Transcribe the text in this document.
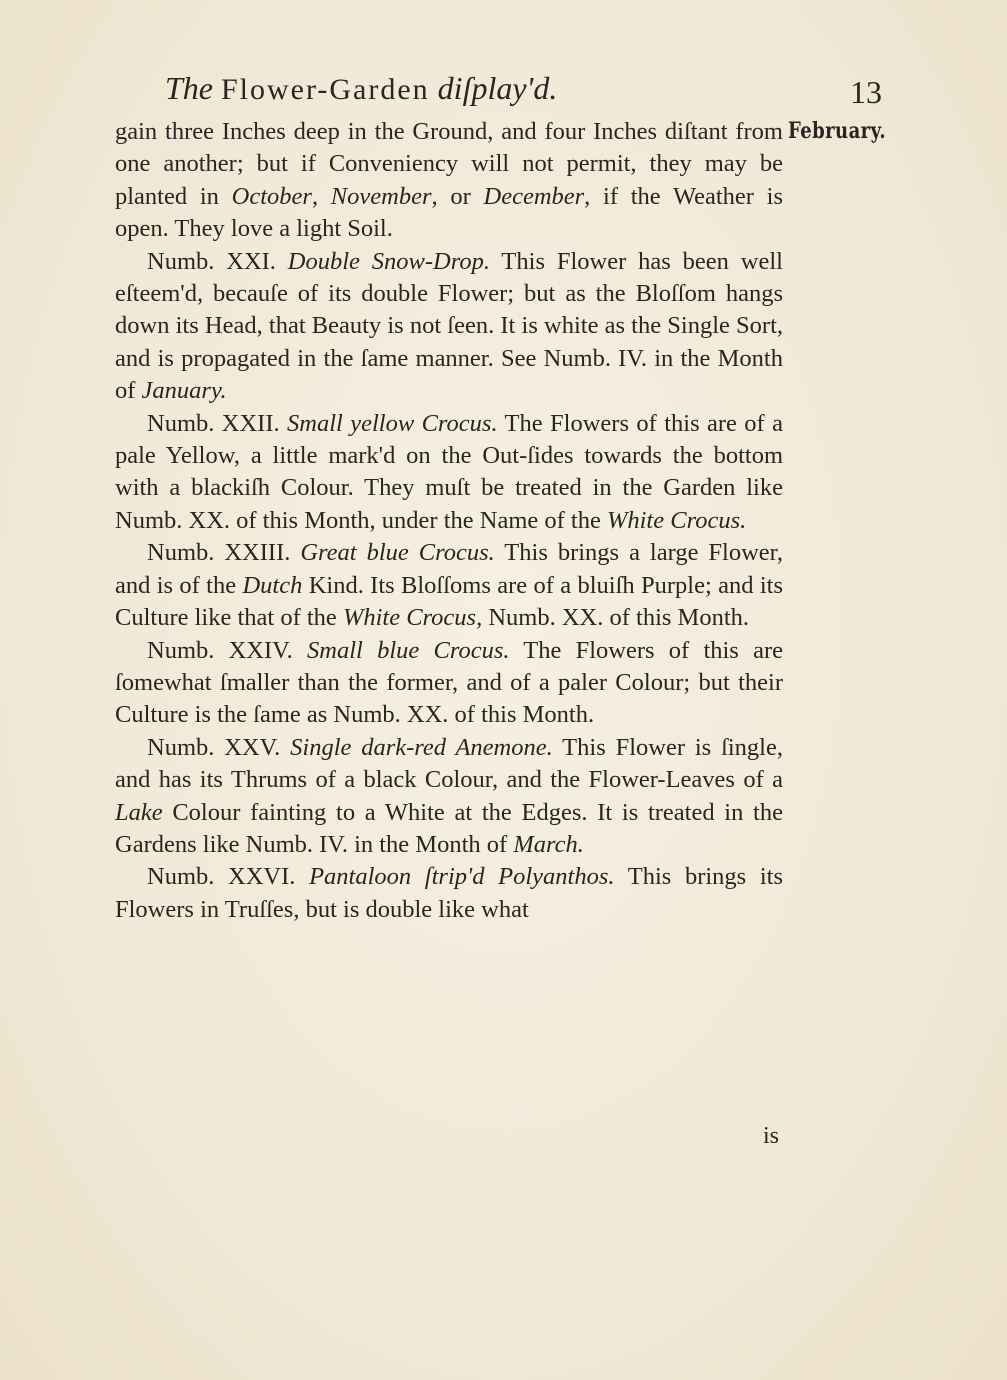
The Flower-Garden diſplay'd.	13
February.

gain three Inches deep in the Ground, and four Inches diſtant from one another; but if Conveniency will not permit, they may be planted in October, November, or December, if the Weather is open. They love a light Soil.

Numb. XXI. Double Snow-Drop. This Flower has been well eſteem'd, becauſe of its double Flower; but as the Bloſſom hangs down its Head, that Beauty is not ſeen. It is white as the Single Sort, and is propagated in the ſame manner. See Numb. IV. in the Month of January.

Numb. XXII. Small yellow Crocus. The Flowers of this are of a pale Yellow, a little mark'd on the Out-ſides towards the bottom with a blackiſh Colour. They muſt be treated in the Garden like Numb. XX. of this Month, under the Name of the White Crocus.

Numb. XXIII. Great blue Crocus. This brings a large Flower, and is of the Dutch Kind. Its Bloſſoms are of a bluiſh Purple; and its Culture like that of the White Crocus, Numb. XX. of this Month.

Numb. XXIV. Small blue Crocus. The Flowers of this are ſomewhat ſmaller than the former, and of a paler Colour; but their Culture is the ſame as Numb. XX. of this Month.

Numb. XXV. Single dark-red Anemone. This Flower is ſingle, and has its Thrums of a black Colour, and the Flower-Leaves of a Lake Colour fainting to a White at the Edges. It is treated in the Gardens like Numb. IV. in the Month of March.

Numb. XXVI. Pantaloon ſtrip'd Polyanthos. This brings its Flowers in Truſſes, but is double like what

is
